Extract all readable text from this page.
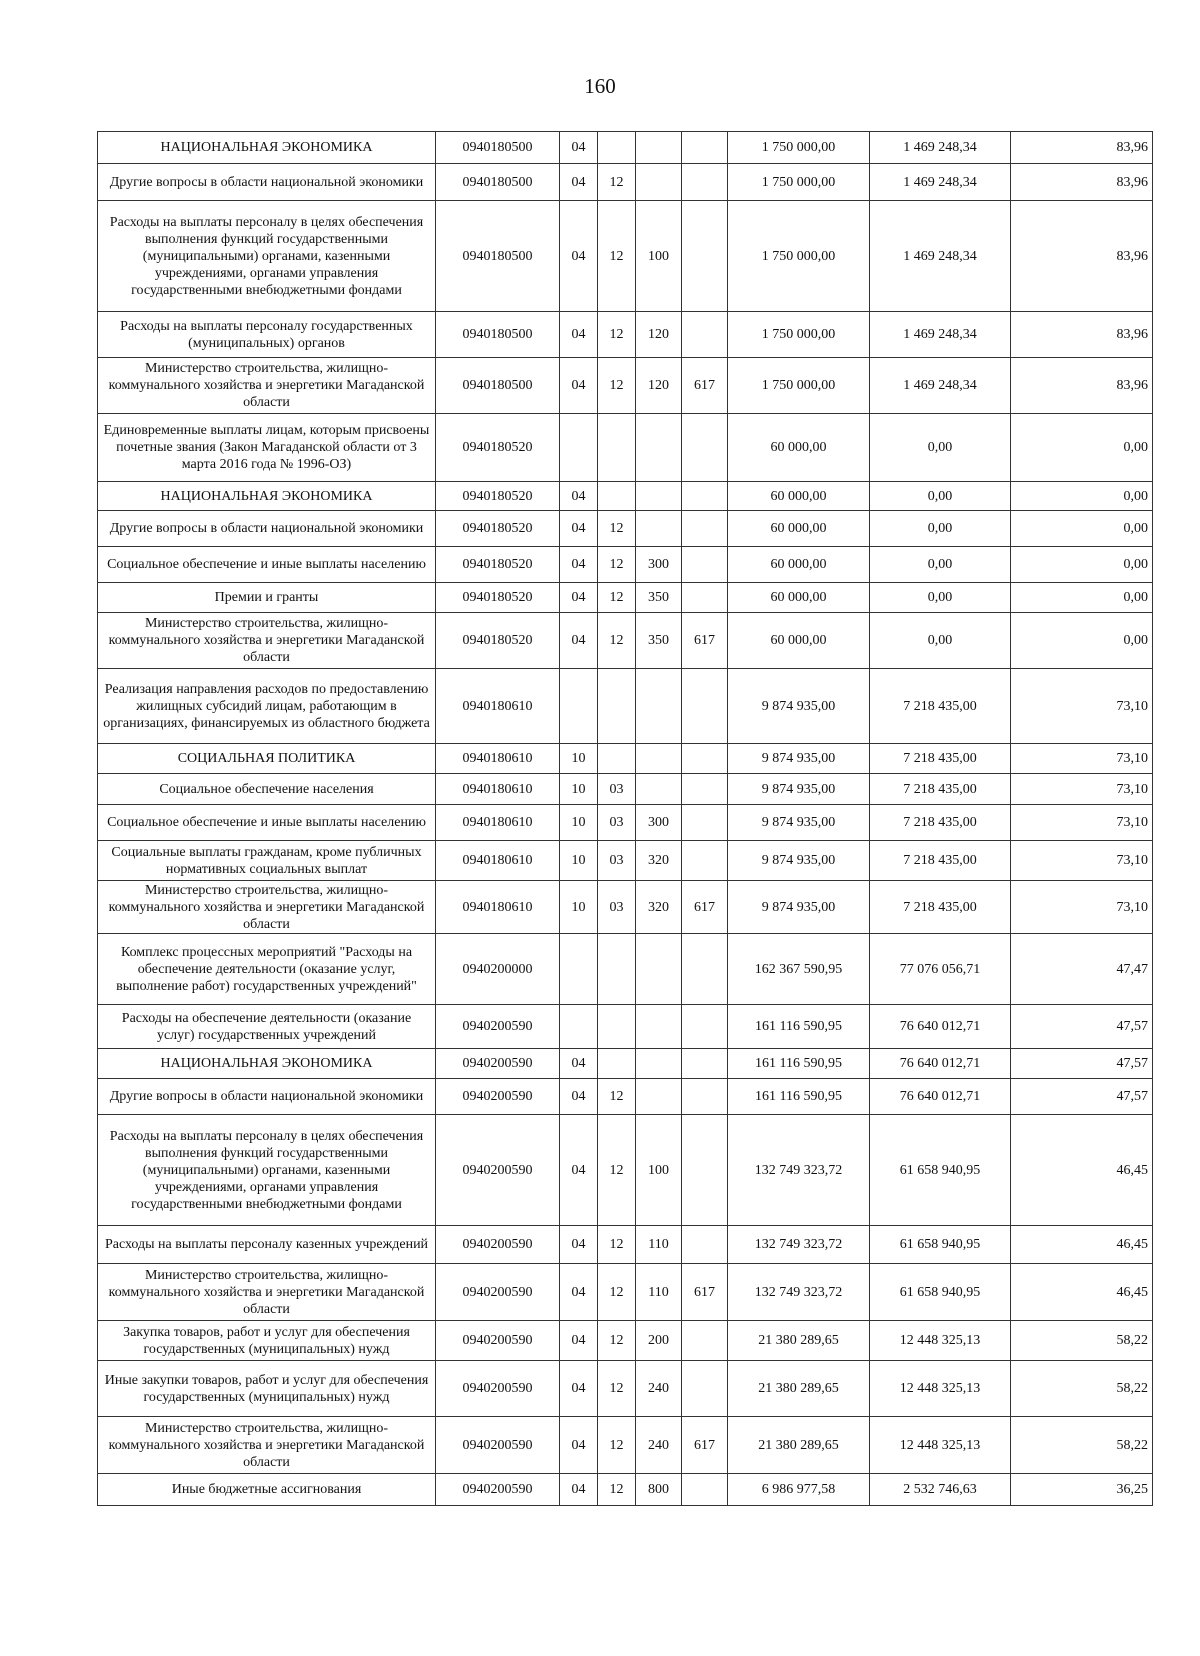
160
НАЦИОНАЛЬНАЯ ЭКОНОМИКА	0940180500	04				1 750 000,00	1 469 248,34	83,96
Другие вопросы в области национальной экономики	0940180500	04	12			1 750 000,00	1 469 248,34	83,96
Расходы на выплаты персоналу в целях обеспечения выполнения функций государственными (муниципальными) органами, казенными учреждениями, органами управления государственными внебюджетными фондами	0940180500	04	12	100		1 750 000,00	1 469 248,34	83,96
Расходы на выплаты персоналу государственных (муниципальных) органов	0940180500	04	12	120		1 750 000,00	1 469 248,34	83,96
Министерство строительства, жилищно-коммунального хозяйства и энергетики Магаданской области	0940180500	04	12	120	617	1 750 000,00	1 469 248,34	83,96
Единовременные выплаты лицам, которым присвоены почетные звания (Закон Магаданской области от 3 марта 2016 года № 1996-ОЗ)	0940180520					60 000,00	0,00	0,00
НАЦИОНАЛЬНАЯ ЭКОНОМИКА	0940180520	04				60 000,00	0,00	0,00
Другие вопросы в области национальной экономики	0940180520	04	12			60 000,00	0,00	0,00
Социальное обеспечение и иные выплаты населению	0940180520	04	12	300		60 000,00	0,00	0,00
Премии и гранты	0940180520	04	12	350		60 000,00	0,00	0,00
Министерство строительства, жилищно-коммунального хозяйства и энергетики Магаданской области	0940180520	04	12	350	617	60 000,00	0,00	0,00
Реализация направления расходов по предоставлению жилищных субсидий лицам, работающим в организациях, финансируемых из областного бюджета	0940180610					9 874 935,00	7 218 435,00	73,10
СОЦИАЛЬНАЯ ПОЛИТИКА	0940180610	10				9 874 935,00	7 218 435,00	73,10
Социальное обеспечение населения	0940180610	10	03			9 874 935,00	7 218 435,00	73,10
Социальное обеспечение и иные выплаты населению	0940180610	10	03	300		9 874 935,00	7 218 435,00	73,10
Социальные выплаты гражданам, кроме публичных нормативных социальных выплат	0940180610	10	03	320		9 874 935,00	7 218 435,00	73,10
Министерство строительства, жилищно-коммунального хозяйства и энергетики Магаданской области	0940180610	10	03	320	617	9 874 935,00	7 218 435,00	73,10
Комплекс процессных мероприятий "Расходы на обеспечение деятельности (оказание услуг, выполнение работ) государственных учреждений"	0940200000					162 367 590,95	77 076 056,71	47,47
Расходы на обеспечение деятельности (оказание услуг) государственных учреждений	0940200590					161 116 590,95	76 640 012,71	47,57
НАЦИОНАЛЬНАЯ ЭКОНОМИКА	0940200590	04				161 116 590,95	76 640 012,71	47,57
Другие вопросы в области национальной экономики	0940200590	04	12			161 116 590,95	76 640 012,71	47,57
Расходы на выплаты персоналу в целях обеспечения выполнения функций государственными (муниципальными) органами, казенными учреждениями, органами управления государственными внебюджетными фондами	0940200590	04	12	100		132 749 323,72	61 658 940,95	46,45
Расходы на выплаты персоналу казенных учреждений	0940200590	04	12	110		132 749 323,72	61 658 940,95	46,45
Министерство строительства, жилищно-коммунального хозяйства и энергетики Магаданской области	0940200590	04	12	110	617	132 749 323,72	61 658 940,95	46,45
Закупка товаров, работ и услуг для обеспечения государственных (муниципальных) нужд	0940200590	04	12	200		21 380 289,65	12 448 325,13	58,22
Иные закупки товаров, работ и услуг для обеспечения государственных (муниципальных) нужд	0940200590	04	12	240		21 380 289,65	12 448 325,13	58,22
Министерство строительства, жилищно-коммунального хозяйства и энергетики Магаданской области	0940200590	04	12	240	617	21 380 289,65	12 448 325,13	58,22
Иные бюджетные ассигнования	0940200590	04	12	800		6 986 977,58	2 532 746,63	36,25
